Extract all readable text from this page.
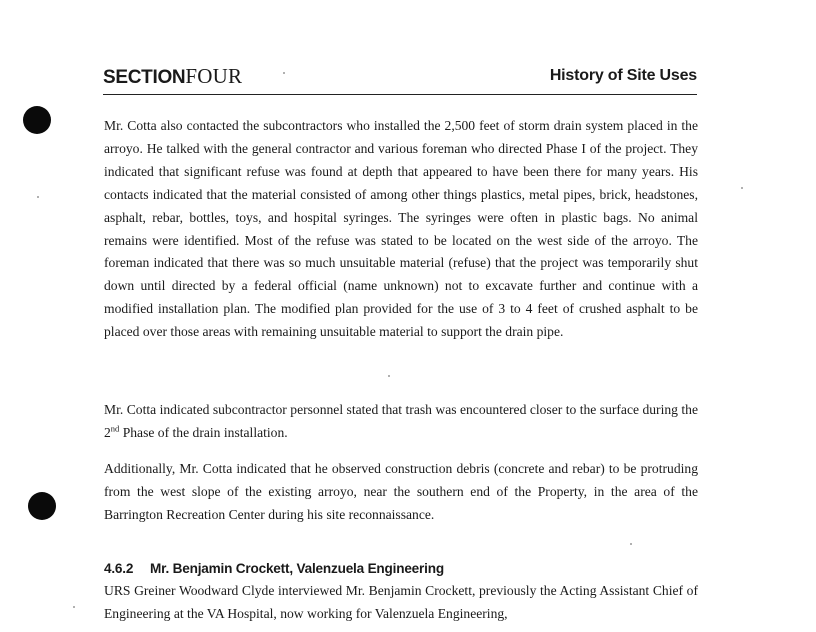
SECTIONFOUR	History of Site Uses

Mr. Cotta also contacted the subcontractors who installed the 2,500 feet of storm drain system placed in the arroyo. He talked with the general contractor and various foreman who directed Phase I of the project. They indicated that significant refuse was found at depth that appeared to have been there for many years. His contacts indicated that the material consisted of among other things plastics, metal pipes, brick, headstones, asphalt, rebar, bottles, toys, and hospital syringes. The syringes were often in plastic bags. No animal remains were identified. Most of the refuse was stated to be located on the west side of the arroyo. The foreman indicated that there was so much unsuitable material (refuse) that the project was temporarily shut down until directed by a federal official (name unknown) not to excavate further and continue with a modified installation plan. The modified plan provided for the use of 3 to 4 feet of crushed asphalt to be placed over those areas with remaining unsuitable material to support the drain pipe.

Mr. Cotta indicated subcontractor personnel stated that trash was encountered closer to the surface during the 2nd Phase of the drain installation.

Additionally, Mr. Cotta indicated that he observed construction debris (concrete and rebar) to be protruding from the west slope of the existing arroyo, near the southern end of the Property, in the area of the Barrington Recreation Center during his site reconnaissance.

4.6.2 Mr. Benjamin Crockett, Valenzuela Engineering

URS Greiner Woodward Clyde interviewed Mr. Benjamin Crockett, previously the Acting Assistant Chief of Engineering at the VA Hospital, now working for Valenzuela Engineering,
